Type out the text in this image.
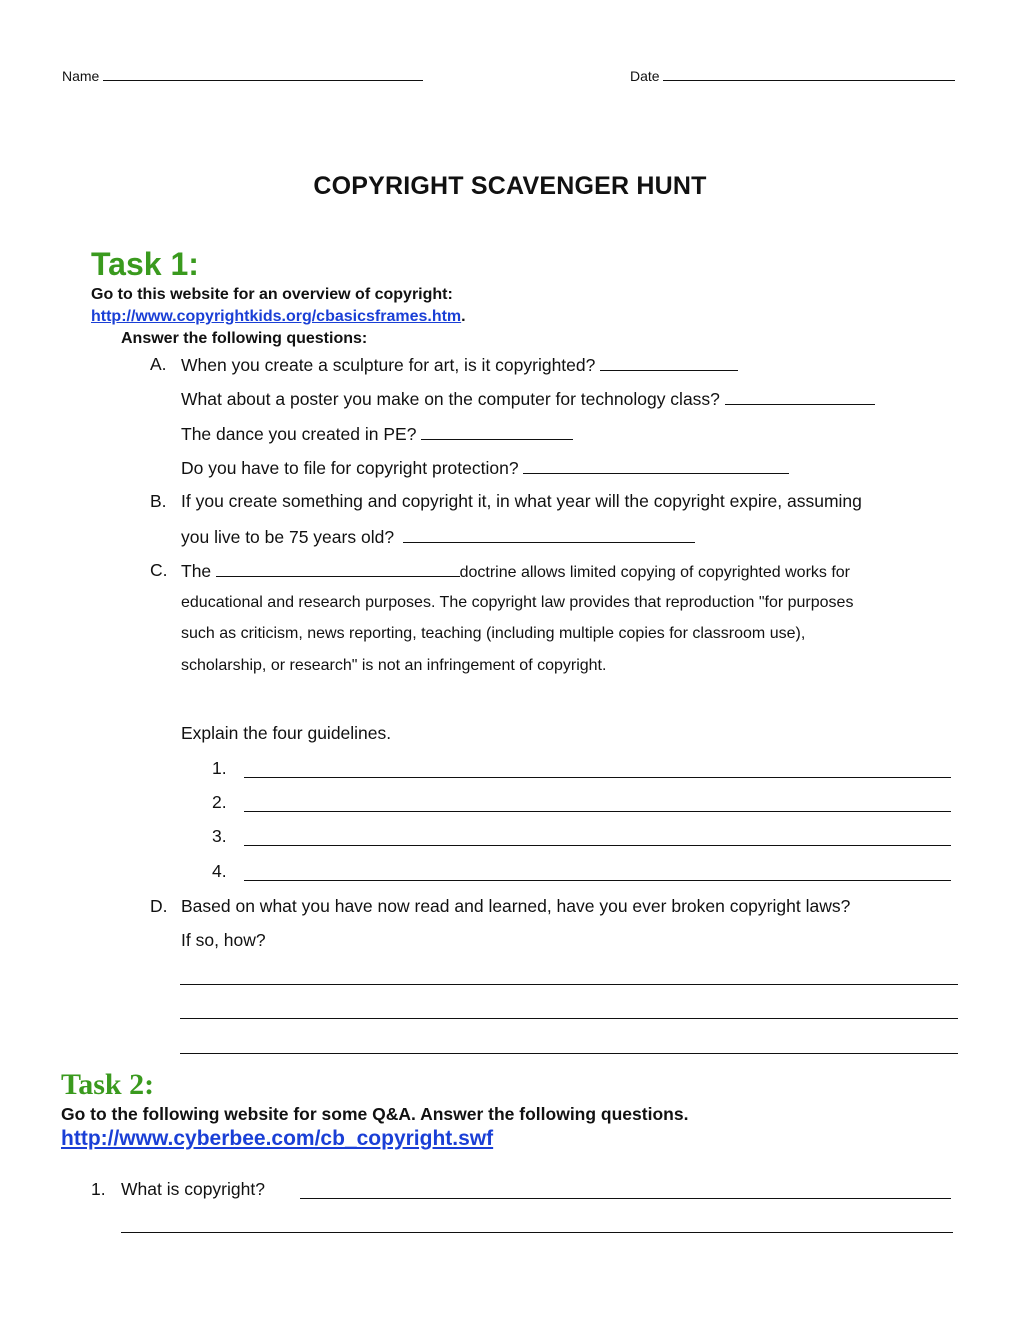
Name	Date
COPYRIGHT SCAVENGER HUNT
Task 1:
Go to this website for an overview of copyright:
http://www.copyrightkids.org/cbasicsframes.htm.
Answer the following questions:
A. When you create a sculpture for art, is it copyrighted?
What about a poster you make on the computer for technology class?
The dance you created in PE?
Do you have to file for copyright protection?
B. If you create something and copyright it, in what year will the copyright expire, assuming
you live to be 75 years old?
C. The	doctrine allows limited copying of copyrighted works for
educational and research purposes. The copyright law provides that reproduction "for purposes
such as criticism, news reporting, teaching (including multiple copies for classroom use),
scholarship, or research" is not an infringement of copyright.
Explain the four guidelines.
1.
2.
3.
4.
D. Based on what you have now read and learned, have you ever broken copyright laws?
If so, how?
Task 2:
Go to the following website for some Q&A. Answer the following questions.
http://www.cyberbee.com/cb_copyright.swf
1. What is copyright?
